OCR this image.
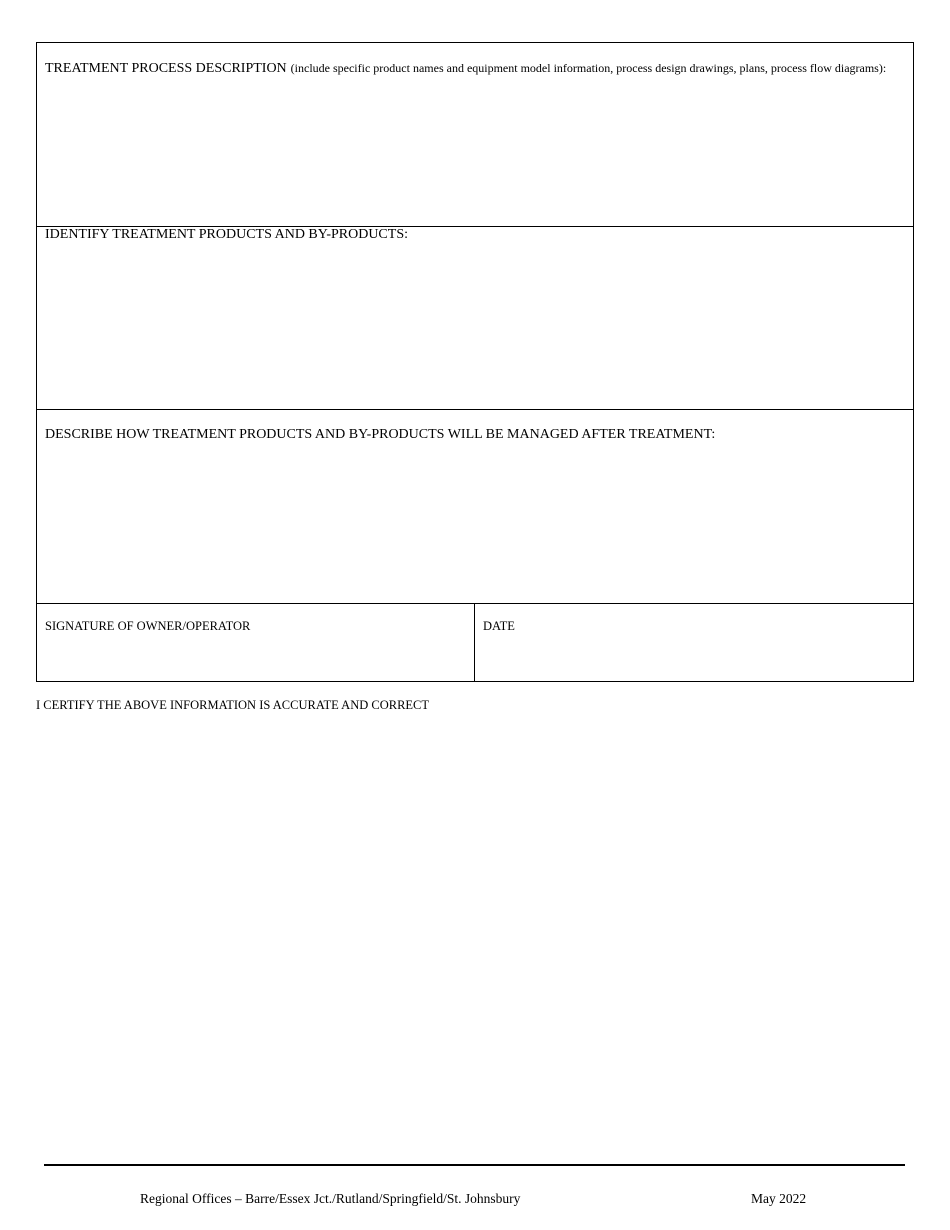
TREATMENT PROCESS DESCRIPTION (include specific product names and equipment model information, process design drawings, plans, process flow diagrams):
IDENTIFY TREATMENT PRODUCTS AND BY-PRODUCTS:
DESCRIBE HOW TREATMENT PRODUCTS AND BY-PRODUCTS WILL BE MANAGED AFTER TREATMENT:
SIGNATURE OF OWNER/OPERATOR	DATE
I CERTIFY THE ABOVE INFORMATION IS ACCURATE AND CORRECT
Regional Offices – Barre/Essex Jct./Rutland/Springfield/St. Johnsbury	May 2022
